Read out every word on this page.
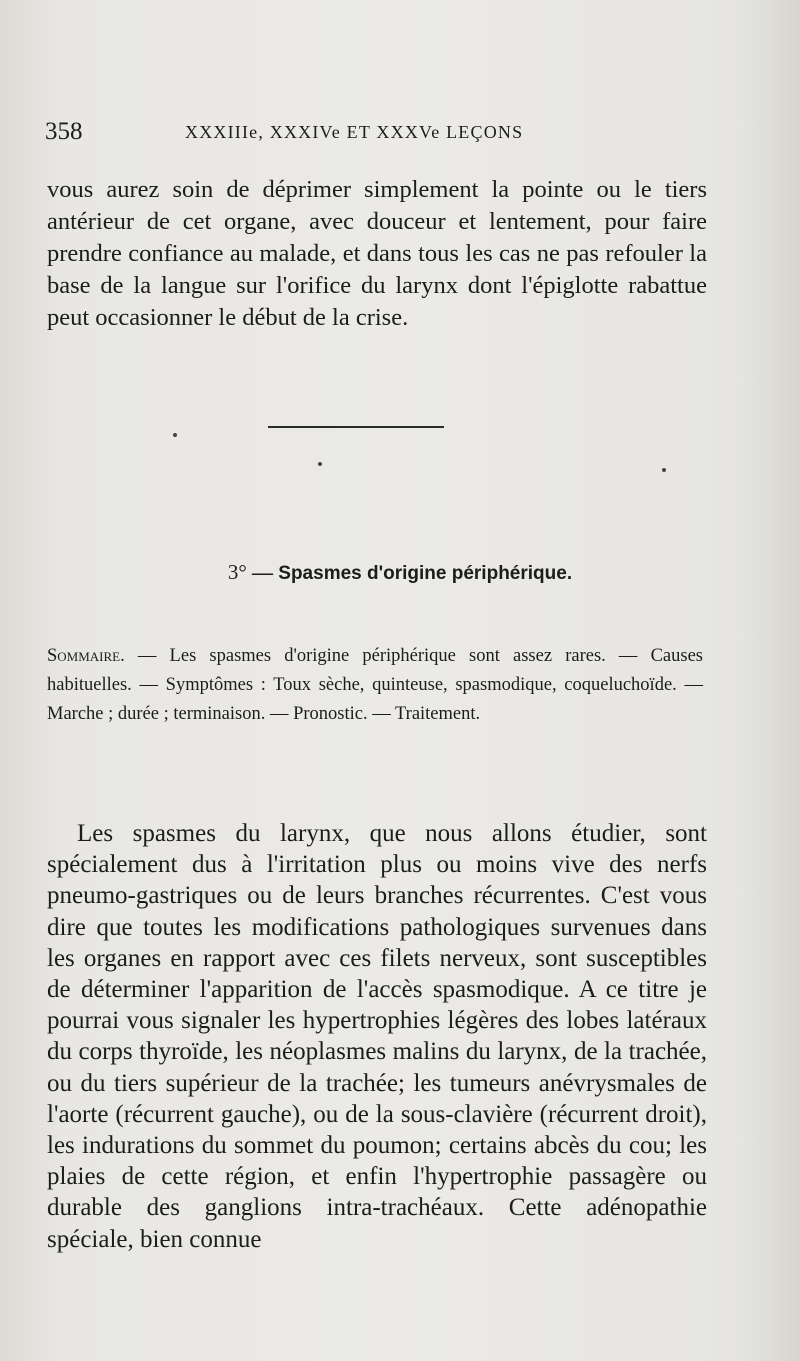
358	XXXIIIe, XXXIVe ET XXXVe LEÇONS

vous aurez soin de déprimer simplement la pointe ou le tiers antérieur de cet organe, avec douceur et lentement, pour faire prendre confiance au malade, et dans tous les cas ne pas refouler la base de la langue sur l'orifice du larynx dont l'épiglotte rabattue peut occasionner le début de la crise.

3° — Spasmes d'origine périphérique.

Sommaire. — Les spasmes d'origine périphérique sont assez rares. — Causes habituelles. — Symptômes : Toux sèche, quinteuse, spasmodique, coqueluchoïde. — Marche ; durée ; terminaison. — Pronostic. — Traitement.

Les spasmes du larynx, que nous allons étudier, sont spécialement dus à l'irritation plus ou moins vive des nerfs pneumo-gastriques ou de leurs branches récurrentes. C'est vous dire que toutes les modifications pathologiques survenues dans les organes en rapport avec ces filets nerveux, sont susceptibles de déterminer l'apparition de l'accès spasmodique. A ce titre je pourrai vous signaler les hypertrophies légères des lobes latéraux du corps thyroïde, les néoplasmes malins du larynx, de la trachée, ou du tiers supérieur de la trachée; les tumeurs anévrysmales de l'aorte (récurrent gauche), ou de la sous-clavière (récurrent droit), les indurations du sommet du poumon; certains abcès du cou; les plaies de cette région, et enfin l'hypertrophie passagère ou durable des ganglions intra-trachéaux. Cette adénopathie spéciale, bien connue
